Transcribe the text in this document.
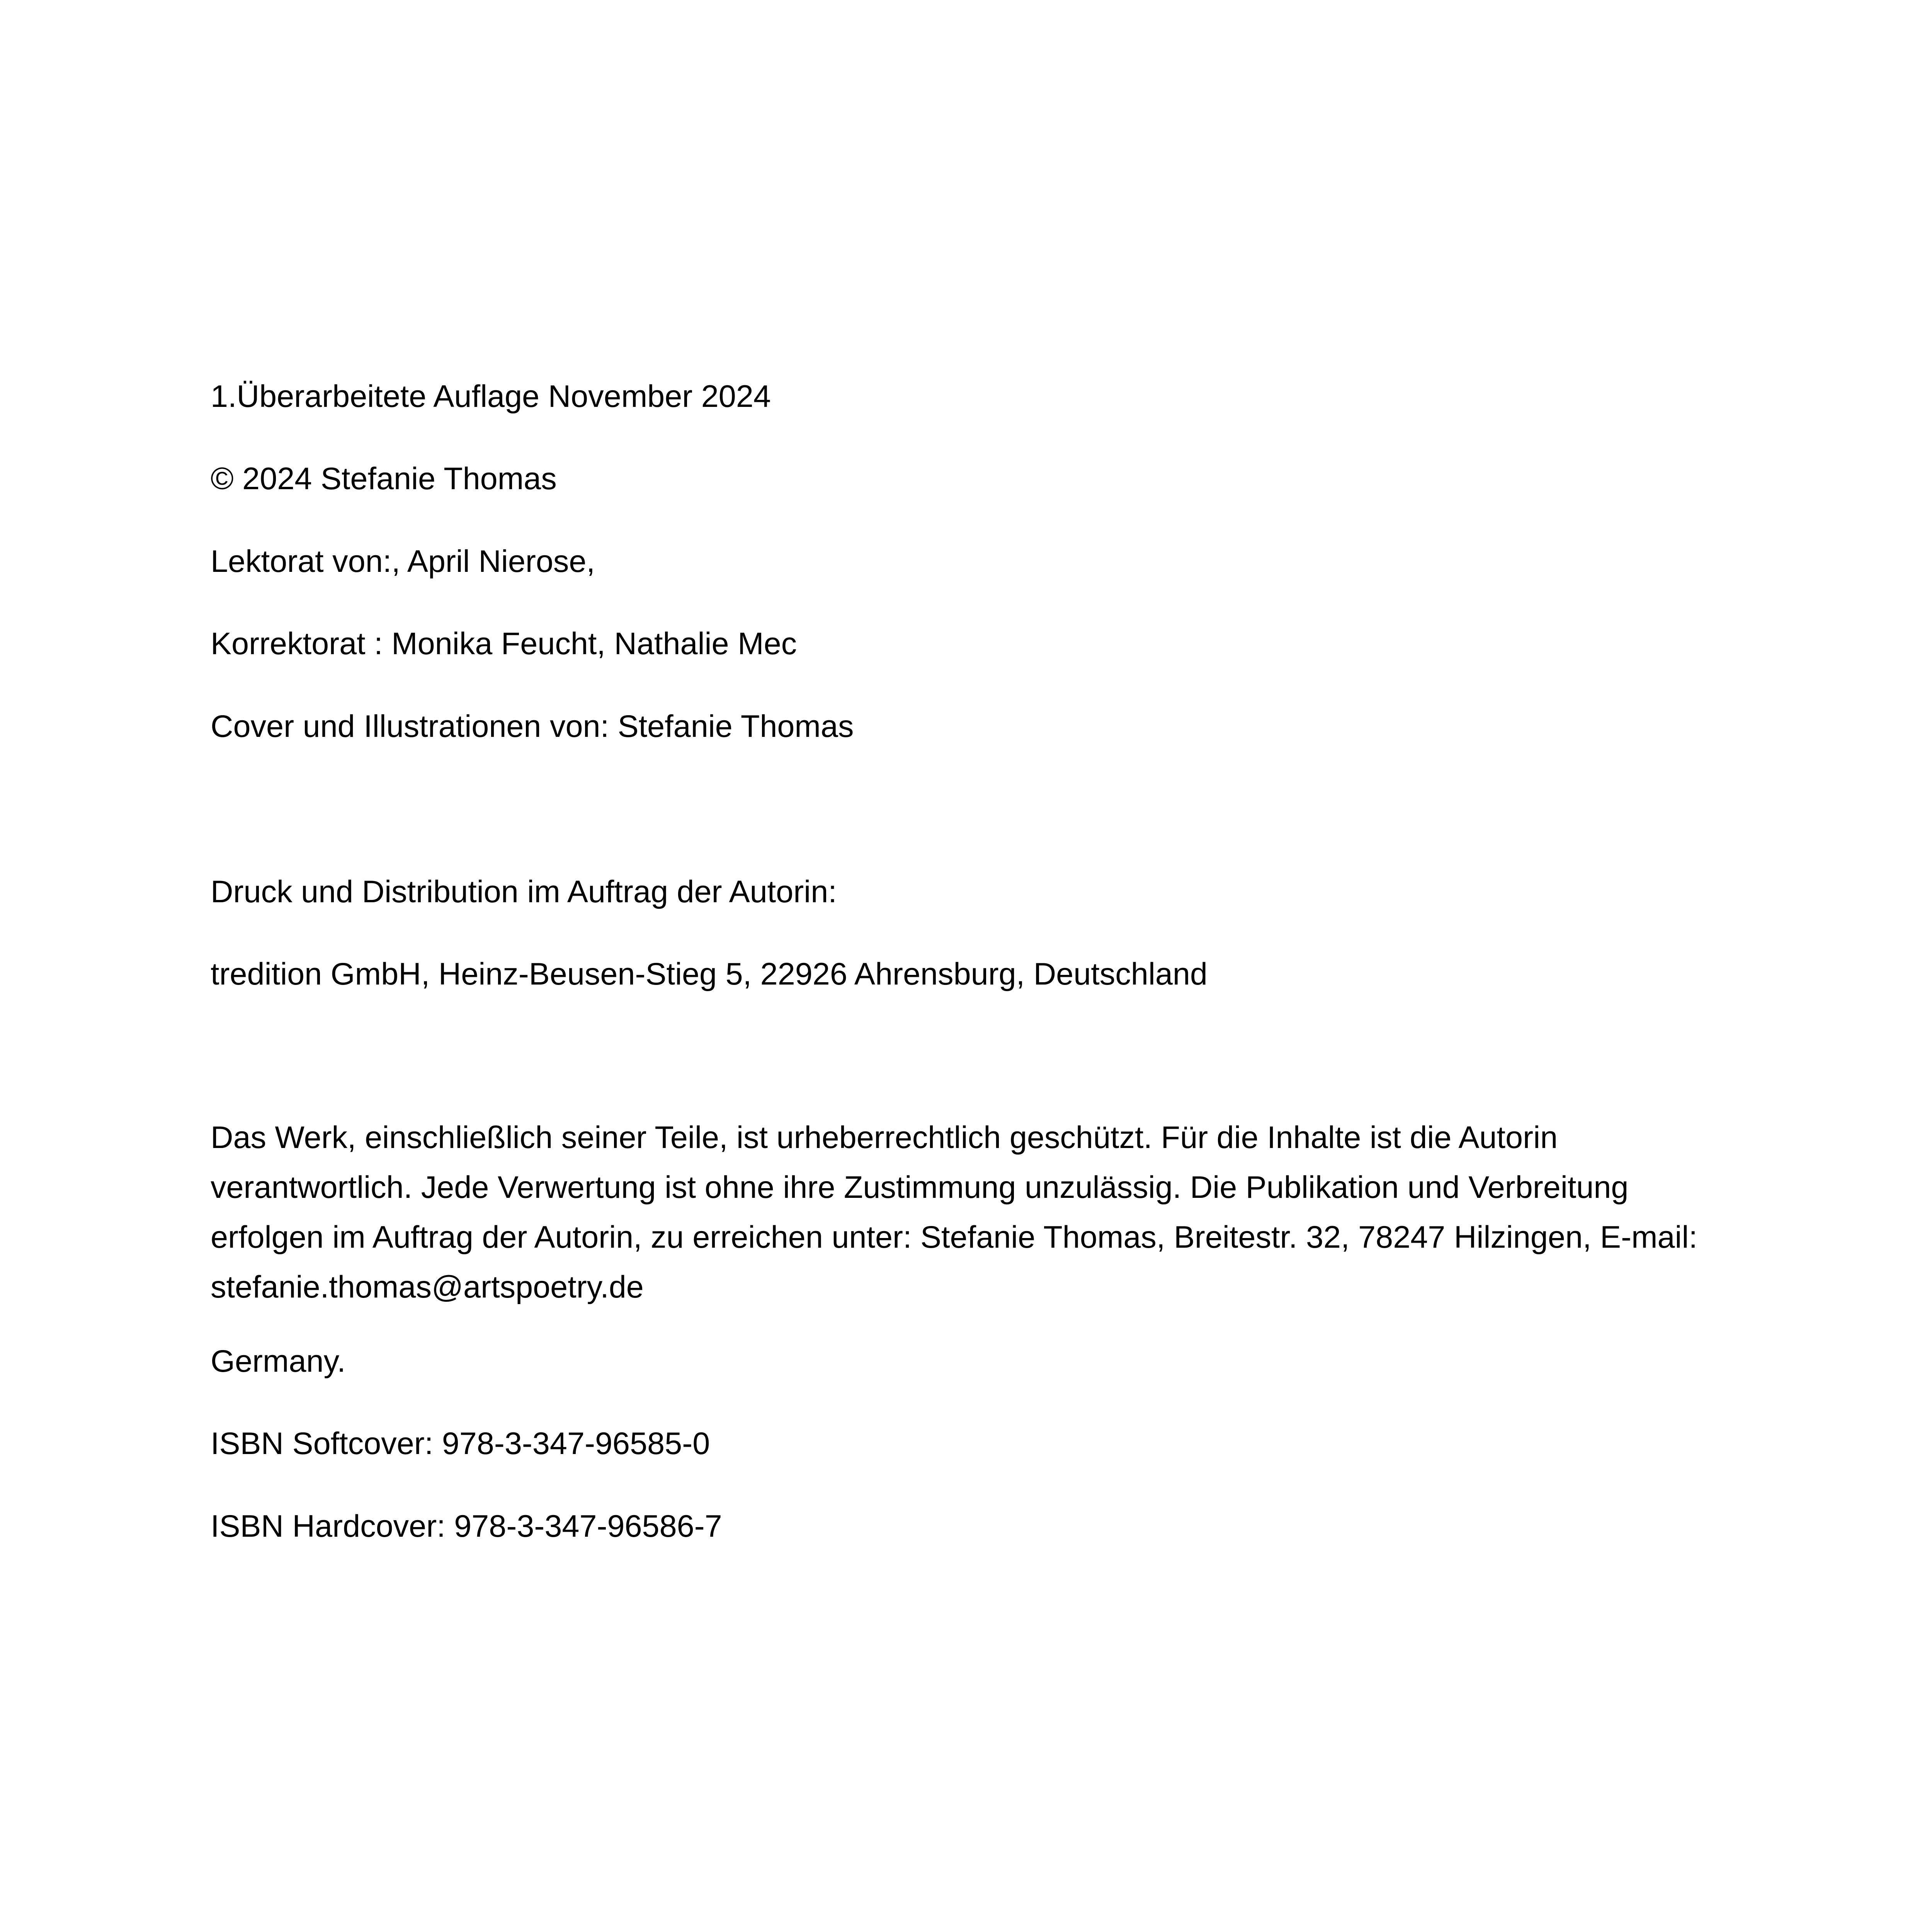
1.Überarbeitete Auflage November 2024

© 2024 Stefanie Thomas

Lektorat von:, April Nierose,

Korrektorat : Monika Feucht, Nathalie Mec

Cover und Illustrationen von: Stefanie Thomas

Druck und Distribution im Auftrag der Autorin:

tredition GmbH, Heinz-Beusen-Stieg 5, 22926 Ahrensburg, Deutschland

Das Werk, einschließlich seiner Teile, ist urheberrechtlich geschützt. Für die Inhalte ist die Autorin
verantwortlich. Jede Verwertung ist ohne ihre Zustimmung unzulässig. Die Publikation und Verbreitung
erfolgen im Auftrag der Autorin, zu erreichen unter: Stefanie Thomas, Breitestr. 32, 78247 Hilzingen, E-mail:
stefanie.thomas@artspoetry.de

Germany.

ISBN Softcover: 978-3-347-96585-0

ISBN Hardcover: 978-3-347-96586-7
